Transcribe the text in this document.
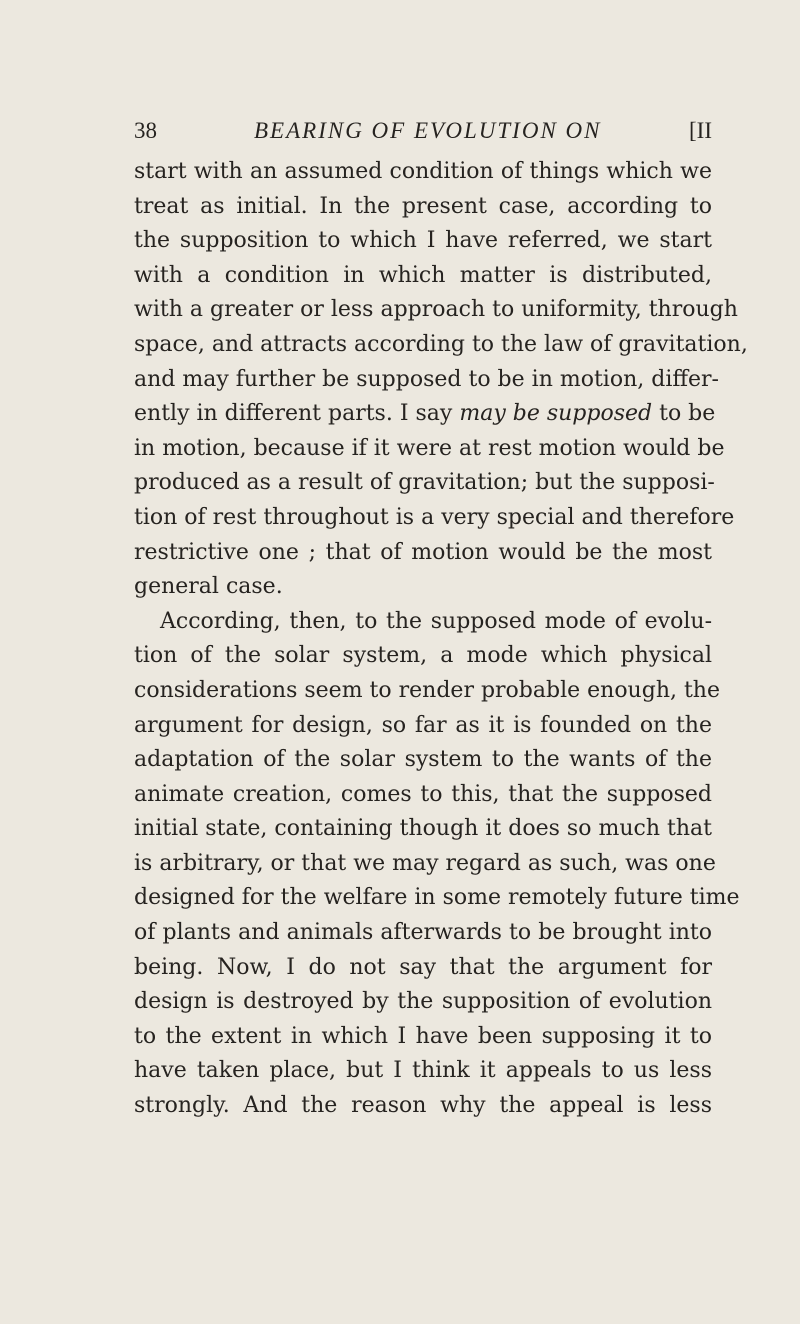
38	BEARING OF EVOLUTION ON	[II
start with an assumed condition of things which we
treat as initial. In the present case, according to
the supposition to which I have referred, we start
with a condition in which matter is distributed,
with a greater or less approach to uniformity, through
space, and attracts according to the law of gravitation,
and may further be supposed to be in motion, differ-
ently in different parts. I say may be supposed to be
in motion, because if it were at rest motion would be
produced as a result of gravitation; but the supposi-
tion of rest throughout is a very special and therefore
restrictive one ; that of motion would be the most
general case.
According, then, to the supposed mode of evolu-
tion of the solar system, a mode which physical
considerations seem to render probable enough, the
argument for design, so far as it is founded on the
adaptation of the solar system to the wants of the
animate creation, comes to this, that the supposed
initial state, containing though it does so much that
is arbitrary, or that we may regard as such, was one
designed for the welfare in some remotely future time
of plants and animals afterwards to be brought into
being. Now, I do not say that the argument for
design is destroyed by the supposition of evolution
to the extent in which I have been supposing it to
have taken place, but I think it appeals to us less
strongly. And the reason why the appeal is less
